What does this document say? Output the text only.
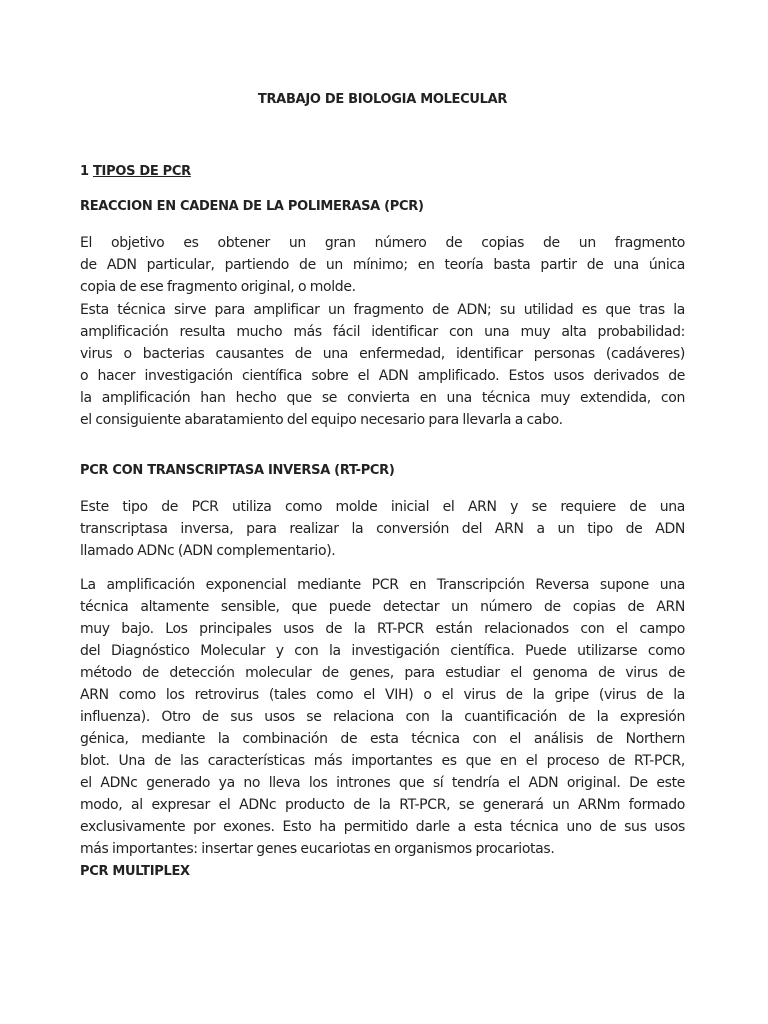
TRABAJO DE BIOLOGIA MOLECULAR
1 TIPOS DE PCR
REACCION EN CADENA DE LA POLIMERASA (PCR)
El objetivo es obtener un gran número de copias de un fragmento
de ADN particular, partiendo de un mínimo; en teoría basta partir de una única
copia de ese fragmento original, o molde.
Esta técnica sirve para amplificar un fragmento de ADN; su utilidad es que tras la
amplificación resulta mucho más fácil identificar con una muy alta probabilidad:
virus o bacterias causantes de una enfermedad, identificar personas (cadáveres)
o hacer investigación científica sobre el ADN amplificado. Estos usos derivados de
la amplificación han hecho que se convierta en una técnica muy extendida, con
el consiguiente abaratamiento del equipo necesario para llevarla a cabo.
PCR CON TRANSCRIPTASA INVERSA (RT-PCR)
Este tipo de PCR utiliza como molde inicial el ARN y se requiere de una
transcriptasa inversa, para realizar la conversión del ARN a un tipo de ADN
llamado ADNc (ADN complementario).
La amplificación exponencial mediante PCR en Transcripción Reversa supone una
técnica altamente sensible, que puede detectar un número de copias de ARN
muy bajo. Los principales usos de la RT-PCR están relacionados con el campo
del Diagnóstico Molecular y con la investigación científica. Puede utilizarse como
método de detección molecular de genes, para estudiar el genoma de virus de
ARN como los retrovirus (tales como el VIH) o el virus de la gripe (virus de la
influenza). Otro de sus usos se relaciona con la cuantificación de la expresión
génica, mediante la combinación de esta técnica con el análisis de Northern
blot. Una de las características más importantes es que en el proceso de RT-PCR,
el ADNc generado ya no lleva los intrones que sí tendría el ADN original. De este
modo, al expresar el ADNc producto de la RT-PCR, se generará un ARNm formado
exclusivamente por exones. Esto ha permitido darle a esta técnica uno de sus usos
más importantes: insertar genes eucariotas en organismos procariotas.
PCR MULTIPLEX
